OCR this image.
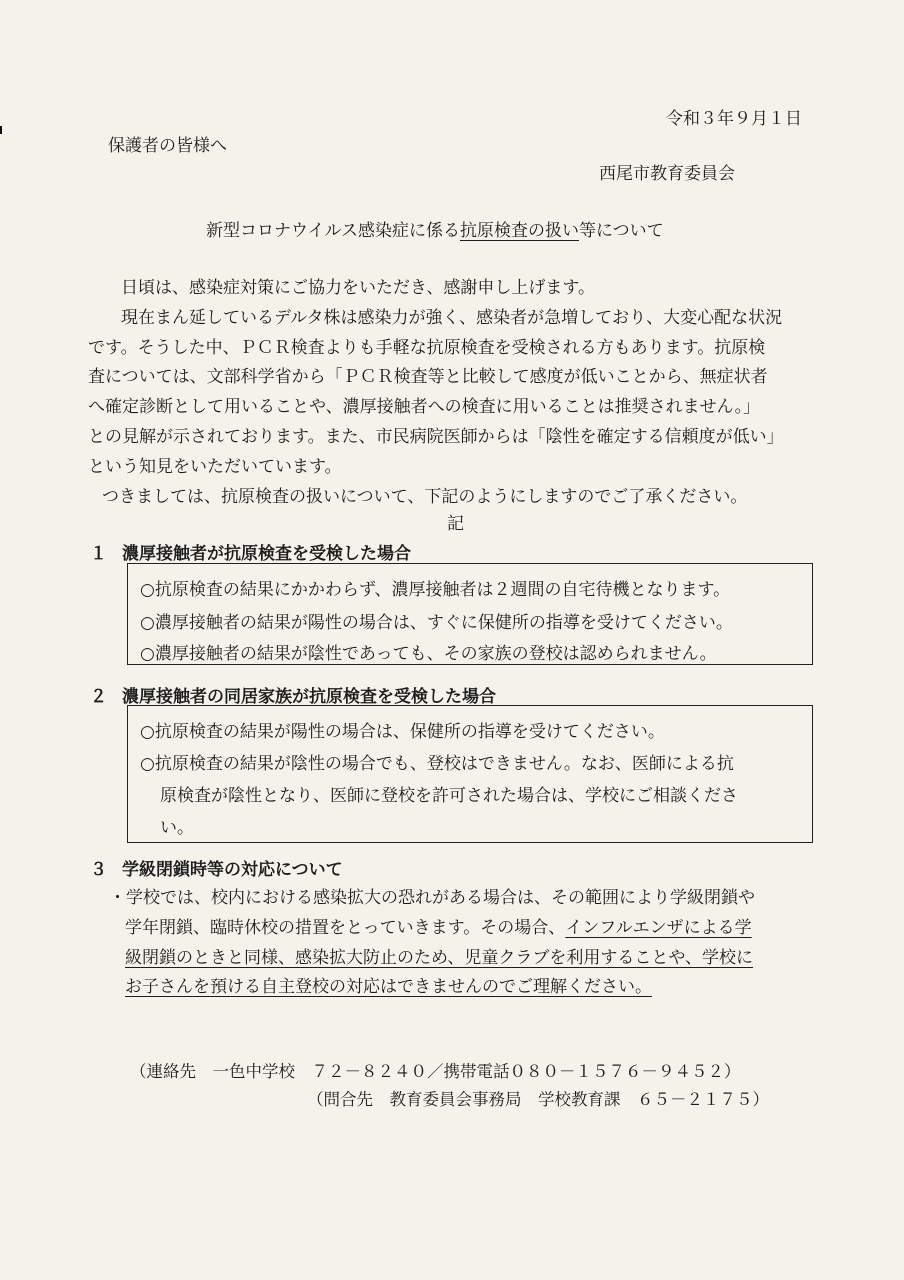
令和３年９月１日
保護者の皆様へ
西尾市教育委員会
新型コロナウイルス感染症に係る抗原検査の扱い等について
日頃は、感染症対策にご協力をいただき、感謝申し上げます。
現在まん延しているデルタ株は感染力が強く、感染者が急増しており、大変心配な状況
です。そうした中、ＰＣＲ検査よりも手軽な抗原検査を受検される方もあります。抗原検
査については、文部科学省から「ＰＣＲ検査等と比較して感度が低いことから、無症状者
へ確定診断として用いることや、濃厚接触者への検査に用いることは推奨されません。」
との見解が示されております。また、市民病院医師からは「陰性を確定する信頼度が低い」
という知見をいただいています。
つきましては、抗原検査の扱いについて、下記のようにしますのでご了承ください。
記
１ 濃厚接触者が抗原検査を受検した場合
○抗原検査の結果にかかわらず、濃厚接触者は２週間の自宅待機となります。
○濃厚接触者の結果が陽性の場合は、すぐに保健所の指導を受けてください。
○濃厚接触者の結果が陰性であっても、その家族の登校は認められません。
２ 濃厚接触者の同居家族が抗原検査を受検した場合
○抗原検査の結果が陽性の場合は、保健所の指導を受けてください。
○抗原検査の結果が陰性の場合でも、登校はできません。なお、医師による抗
原検査が陰性となり、医師に登校を許可された場合は、学校にご相談くださ
い。
３ 学級閉鎖時等の対応について
・学校では、校内における感染拡大の恐れがある場合は、その範囲により学級閉鎖や
学年閉鎖、臨時休校の措置をとっていきます。その場合、インフルエンザによる学
級閉鎖のときと同様、感染拡大防止のため、児童クラブを利用することや、学校に
お子さんを預ける自主登校の対応はできませんのでご理解ください。
（連絡先　一色中学校　７２－８２４０／携帯電話０８０－１５７６－９４５２）
（問合先　教育委員会事務局　学校教育課　６５－２１７５）
